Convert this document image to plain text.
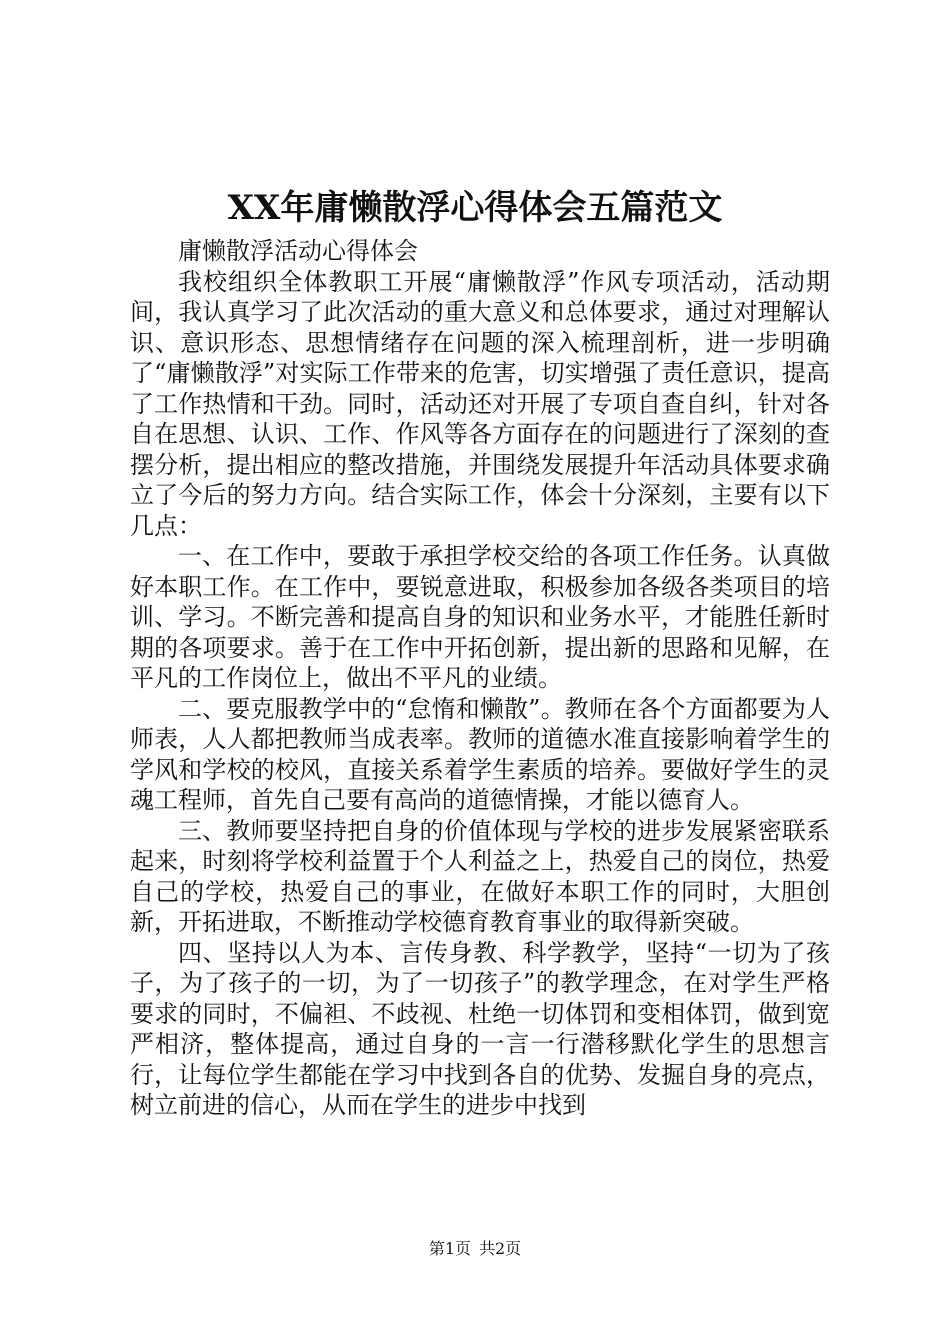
XX年庸懒散浮心得体会五篇范文

庸懒散浮活动心得体会

我校组织全体教职工开展“庸懒散浮”作风专项活动，活动期间，我认真学习了此次活动的重大意义和总体要求，通过对理解认识、意识形态、思想情绪存在问题的深入梳理剖析，进一步明确了“庸懒散浮”对实际工作带来的危害，切实增强了责任意识，提高了工作热情和干劲。同时，活动还对开展了专项自查自纠，针对各自在思想、认识、工作、作风等各方面存在的问题进行了深刻的查摆分析，提出相应的整改措施，并围绕发展提升年活动具体要求确立了今后的努力方向。结合实际工作，体会十分深刻，主要有以下几点：

一、在工作中，要敢于承担学校交给的各项工作任务。认真做好本职工作。在工作中，要锐意进取，积极参加各级各类项目的培训、学习。不断完善和提高自身的知识和业务水平，才能胜任新时期的各项要求。善于在工作中开拓创新，提出新的思路和见解，在平凡的工作岗位上，做出不平凡的业绩。

二、要克服教学中的“怠惰和懒散”。教师在各个方面都要为人师表，人人都把教师当成表率。教师的道德水准直接影响着学生的学风和学校的校风，直接关系着学生素质的培养。要做好学生的灵魂工程师，首先自己要有高尚的道德情操，才能以德育人。

三、教师要坚持把自身的价值体现与学校的进步发展紧密联系起来，时刻将学校利益置于个人利益之上，热爱自己的岗位，热爱自己的学校，热爱自己的事业，在做好本职工作的同时，大胆创新，开拓进取，不断推动学校德育教育事业的取得新突破。

四、坚持以人为本、言传身教、科学教学，坚持“一切为了孩子，为了孩子的一切，为了一切孩子”的教学理念，在对学生严格要求的同时，不偏袒、不歧视、杜绝一切体罚和变相体罚，做到宽严相济，整体提高，通过自身的一言一行潜移默化学生的思想言行，让每位学生都能在学习中找到各自的优势、发掘自身的亮点，树立前进的信心，从而在学生的进步中找到

第1页 共2页
